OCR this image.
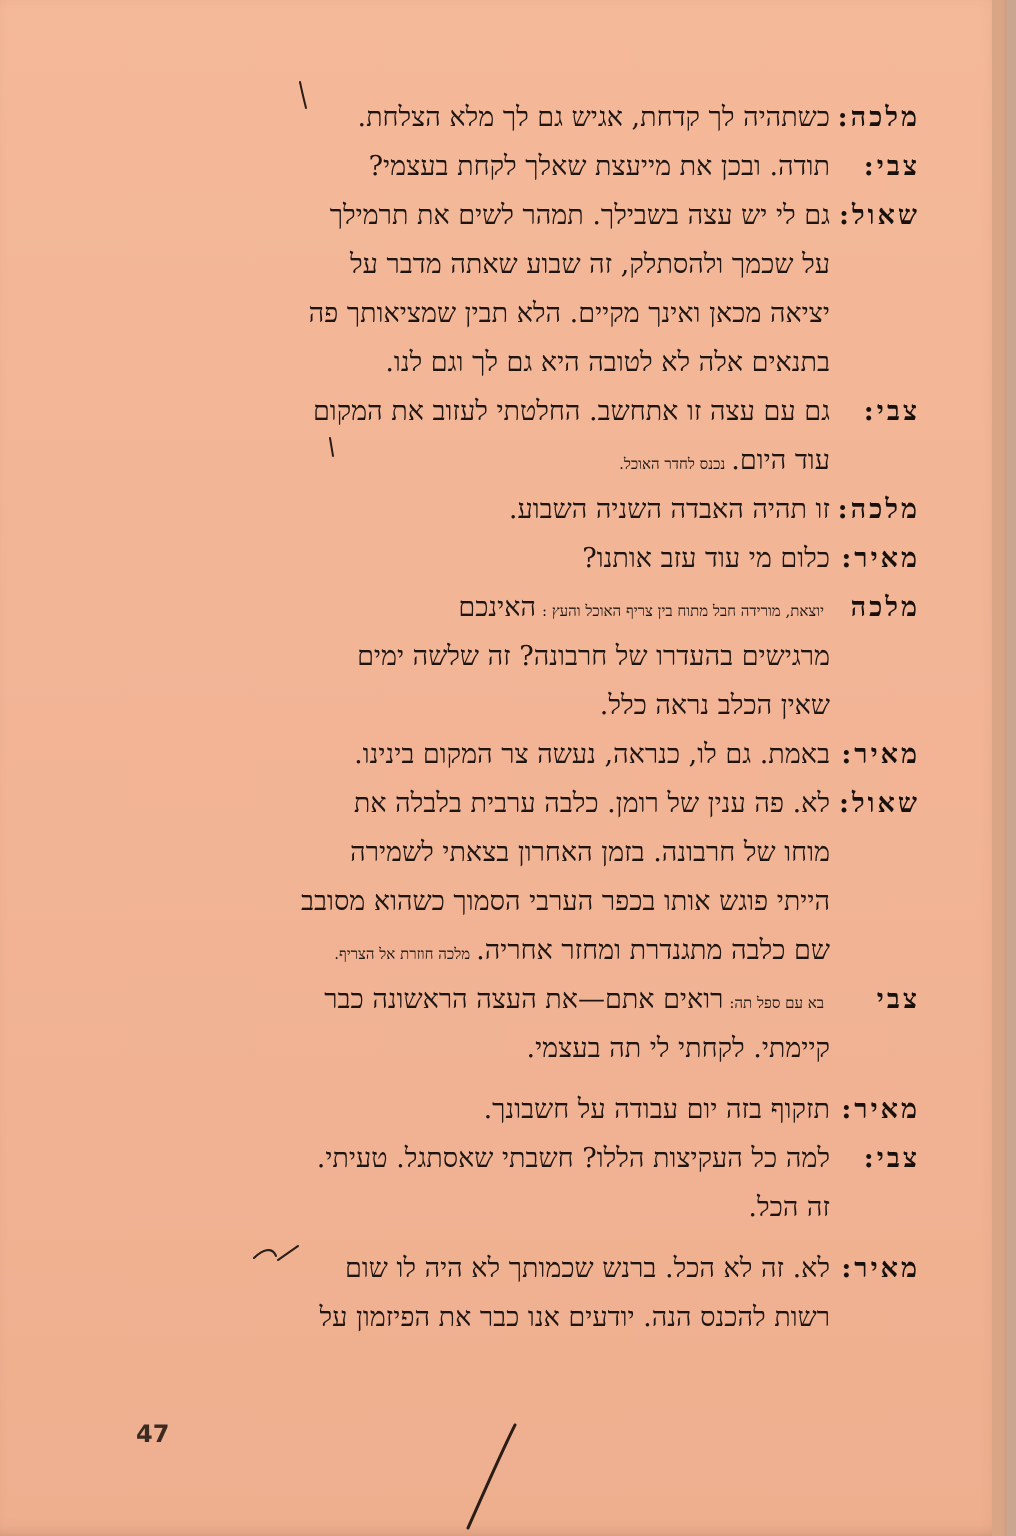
מלכה:כשתהיה לך קדחת, אגיש גם לך מלא הצלחת.
צבי:תודה. ובכן את מייעצת שאלך לקחת בעצמי?
שאול:גם לי יש עצה בשבילך. תמהר לשים את תרמילך
על שכמך ולהסתלק, זה שבוע שאתה מדבר על
יציאה מכאן ואינך מקיים. הלא תבין שמציאותך פה
בתנאים אלה לא לטובה היא גם לך וגם לנו.
צבי:גם עם עצה זו אתחשב. החלטתי לעזוב את המקום
עוד היום.נכנס לחדר האוכל.
מלכה:זו תהיה האבדה השניה השבוע.
מאיר:כלום מי עוד עזב אותנו?
מלכהיוצאת, מורידה חבל מתוח בין צריף האוכל והעץ :האינכם
מרגישים בהעדרו של חרבונה? זה שלשה ימים
שאין הכלב נראה כלל.
מאיר:באמת. גם לו, כנראה, נעשה צר המקום בינינו.
שאול:לא. פה ענין של רומן. כלבה ערבית בלבלה את
מוחו של חרבונה. בזמן האחרון בצאתי לשמירה
הייתי פוגש אותו בכפר הערבי הסמוך כשהוא מסובב
שם כלבה מתגנדרת ומחזר אחריה.מלכה חוזרת אל הצריף.
צביבא עם ספל תה:רואים אתם—את העצה הראשונה כבר
קיימתי. לקחתי לי תה בעצמי.
מאיר:תזקוף בזה יום עבודה על חשבונך.
צבי:למה כל העקיצות הללו? חשבתי שאסתגל. טעיתי.
זה הכל.
מאיר:לא. זה לא הכל. ברנש שכמותך לא היה לו שום
רשות להכנס הנה. יודעים אנו כבר את הפיזמון על
47
